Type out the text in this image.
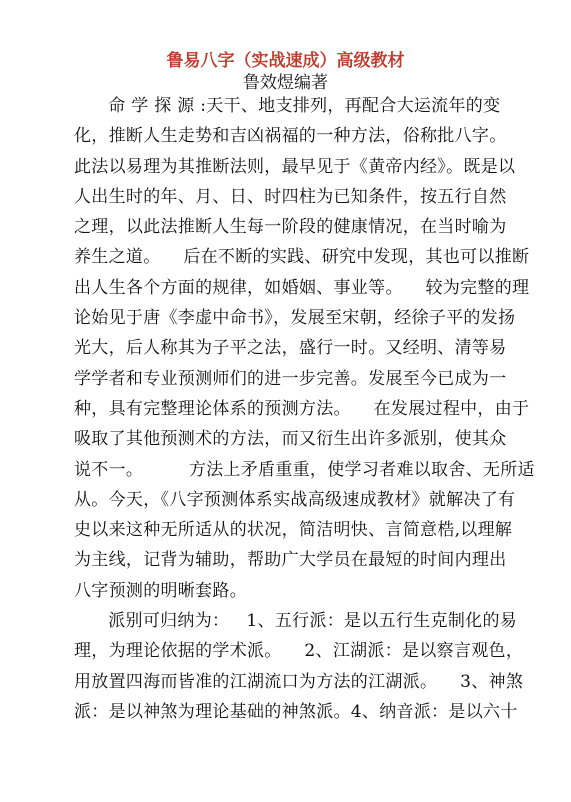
鲁易八字（实战速成）高级教材
鲁效煜编著
命 学 探 源 :天干、地支排列，再配合大运流年的变
化，推断人生走势和吉凶祸福的一种方法，俗称批八字。
此法以易理为其推断法则，最早见于《黄帝内经》。既是以
人出生时的年、月、日、时四柱为已知条件，按五行自然
之理，以此法推断人生每一阶段的健康情况，在当时喻为
养生之道。    后在不断的实践、研究中发现，其也可以推断
出人生各个方面的规律，如婚姻、事业等。    较为完整的理
论始见于唐《李虚中命书》，发展至宋朝，经徐子平的发扬
光大，后人称其为子平之法，盛行一时。又经明、清等易
学学者和专业预测师们的进一步完善。发展至今已成为一
种，具有完整理论体系的预测方法。    在发展过程中，由于
吸取了其他预测术的方法，而又衍生出许多派别，使其众
说不一。        方法上矛盾重重，使学习者难以取舍、无所适
从。今天，《八字预测体系实战高级速成教材》就解决了有
史以来这种无所适从的状况，简洁明快、言简意梏,以理解
为主线，记背为辅助，帮助广大学员在最短的时间内理出
八字预测的明晰套路。
派别可归纳为：   1、五行派：是以五行生克制化的易
理，为理论依据的学术派。    2、江湖派：是以察言观色，
用放置四海而皆准的江湖流口为方法的江湖派。    3、神煞
派：是以神煞为理论基础的神煞派。4、纳音派：是以六十
